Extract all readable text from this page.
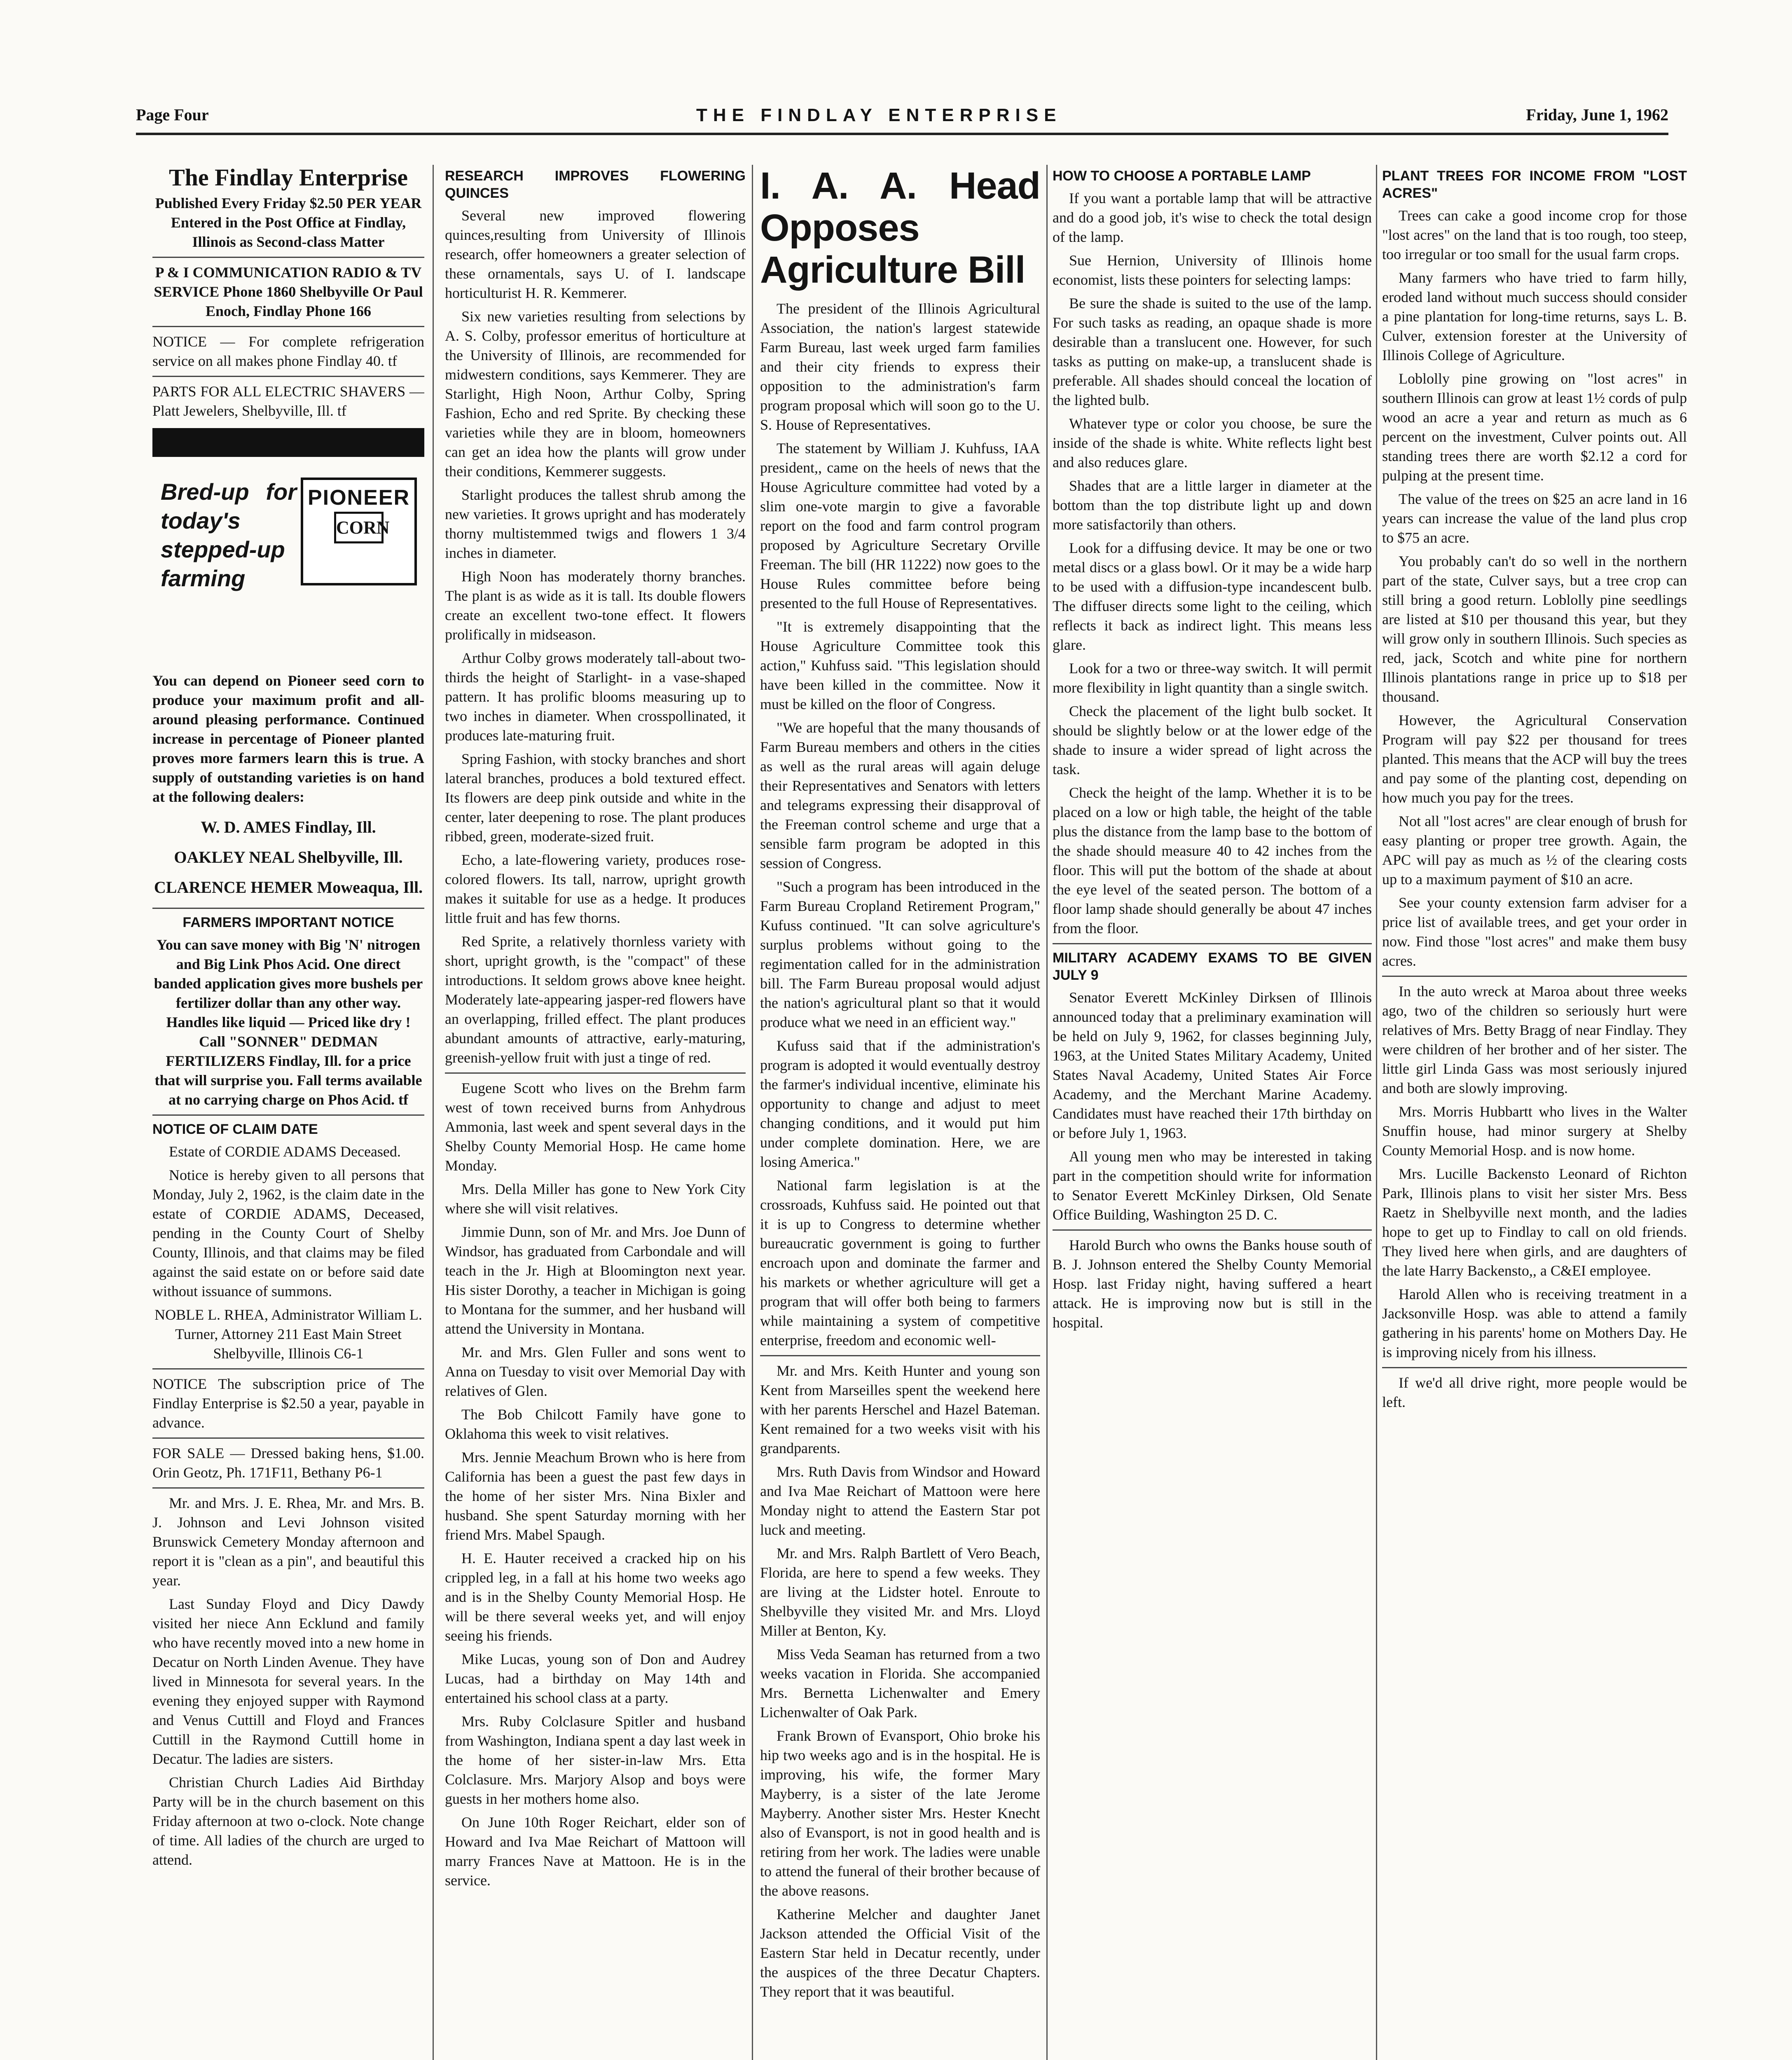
Page Four	THE FINDLAY ENTERPRISE	Friday, June 1, 1962
The Findlay Enterprise

Published Every Friday $2.50 PER YEAR Entered in the Post Office at Findlay, Illinois as Second-class Matter

P & I COMMUNICATION RADIO & TV SERVICE Phone 1860 Shelbyville Or Paul Enoch, Findlay Phone 166

NOTICE — For complete refrigeration service on all makes phone Findlay 40. tf

PARTS FOR ALL ELECTRIC SHAVERS — Platt Jewelers, Shelbyville, Ill. tf

Bred-up for today's stepped-up farming
PIONEER
CORN

You can depend on Pioneer seed corn to produce your maximum profit and all-around pleasing performance. Continued increase in percentage of Pioneer planted proves more farmers learn this is true. A supply of outstanding varieties is on hand at the following dealers:

W. D. AMES Findlay, Ill.
OAKLEY NEAL Shelbyville, Ill.
CLARENCE HEMER Moweaqua, Ill.
FARMERS IMPORTANT NOTICE

You can save money with Big 'N' nitrogen and Big Link Phos Acid. One direct banded application gives more bushels per fertilizer dollar than any other way. Handles like liquid — Priced like dry ! Call "SONNER" DEDMAN FERTILIZERS Findlay, Ill. for a price that will surprise you. Fall terms available at no carrying charge on Phos Acid. tf

NOTICE OF CLAIM DATE

Estate of CORDIE ADAMS Deceased.

Notice is hereby given to all persons that Monday, July 2, 1962, is the claim date in the estate of CORDIE ADAMS, Deceased, pending in the County Court of Shelby County, Illinois, and that claims may be filed against the said estate on or before said date without issuance of summons.

NOBLE L. RHEA, Administrator William L. Turner, Attorney 211 East Main Street Shelbyville, Illinois C6-1

NOTICE The subscription price of The Findlay Enterprise is $2.50 a year, payable in advance.

FOR SALE — Dressed baking hens, $1.00. Orin Geotz, Ph. 171F11, Bethany P6-1

Mr. and Mrs. J. E. Rhea, Mr. and Mrs. B. J. Johnson and Levi Johnson visited Brunswick Cemetery Monday afternoon and report it is "clean as a pin", and beautiful this year.

Last Sunday Floyd and Dicy Dawdy visited her niece Ann Ecklund and family who have recently moved into a new home in Decatur on North Linden Avenue. They have lived in Minnesota for several years. In the evening they enjoyed supper with Raymond and Venus Cuttill and Floyd and Frances Cuttill in the Raymond Cuttill home in Decatur. The ladies are sisters.

Christian Church Ladies Aid Birthday Party will be in the church basement on this Friday afternoon at two o-clock. Note change of time. All ladies of the church are urged to attend.

RESEARCH IMPROVES FLOWERING QUINCES

Several new improved flowering quinces,resulting from University of Illinois research, offer homeowners a greater selection of these ornamentals, says U. of I. landscape horticulturist H. R. Kemmerer.

Six new varieties resulting from selections by A. S. Colby, professor emeritus of horticulture at the University of Illinois, are recommended for midwestern conditions, says Kemmerer. They are Starlight, High Noon, Arthur Colby, Spring Fashion, Echo and red Sprite. By checking these varieties while they are in bloom, homeowners can get an idea how the plants will grow under their conditions, Kemmerer suggests.

Starlight produces the tallest shrub among the new varieties. It grows upright and has moderately thorny multistemmed twigs and flowers 1 3/4 inches in diameter.

High Noon has moderately thorny branches. The plant is as wide as it is tall. Its double flowers create an excellent two-tone effect. It flowers prolifically in midseason.

Arthur Colby grows moderately tall-about two-thirds the height of Starlight- in a vase-shaped pattern. It has prolific blooms measuring up to two inches in diameter. When crosspollinated, it produces late-maturing fruit.

Spring Fashion, with stocky branches and short lateral branches, produces a bold textured effect. Its flowers are deep pink outside and white in the center, later deepening to rose. The plant produces ribbed, green, moderate-sized fruit.

Echo, a late-flowering variety, produces rose-colored flowers. Its tall, narrow, upright growth makes it suitable for use as a hedge. It produces little fruit and has few thorns.

Red Sprite, a relatively thornless variety with short, upright growth, is the "compact" of these introductions. It seldom grows above knee height. Moderately late-appearing jasper-red flowers have an overlapping, frilled effect. The plant produces abundant amounts of attractive, early-maturing, greenish-yellow fruit with just a tinge of red.

Eugene Scott who lives on the Brehm farm west of town received burns from Anhydrous Ammonia, last week and spent several days in the Shelby County Memorial Hosp. He came home Monday.

Mrs. Della Miller has gone to New York City where she will visit relatives.

Jimmie Dunn, son of Mr. and Mrs. Joe Dunn of Windsor, has graduated from Carbondale and will teach in the Jr. High at Bloomington next year. His sister Dorothy, a teacher in Michigan is going to Montana for the summer, and her husband will attend the University in Montana.

Mr. and Mrs. Glen Fuller and sons went to Anna on Tuesday to visit over Memorial Day with relatives of Glen.

The Bob Chilcott Family have gone to Oklahoma this week to visit relatives.

Mrs. Jennie Meachum Brown who is here from California has been a guest the past few days in the home of her sister Mrs. Nina Bixler and husband. She spent Saturday morning with her friend Mrs. Mabel Spaugh.

H. E. Hauter received a cracked hip on his crippled leg, in a fall at his home two weeks ago and is in the Shelby County Memorial Hosp. He will be there several weeks yet, and will enjoy seeing his friends.

Mike Lucas, young son of Don and Audrey Lucas, had a birthday on May 14th and entertained his school class at a party.

Mrs. Ruby Colclasure Spitler and husband from Washington, Indiana spent a day last week in the home of her sister-in-law Mrs. Etta Colclasure. Mrs. Marjory Alsop and boys were guests in her mothers home also.

On June 10th Roger Reichart, elder son of Howard and Iva Mae Reichart of Mattoon will marry Frances Nave at Mattoon. He is in the service.

I. A. A. Head Opposes Agriculture Bill

The president of the Illinois Agricultural Association, the nation's largest statewide Farm Bureau, last week urged farm families and their city friends to express their opposition to the administration's farm program proposal which will soon go to the U. S. House of Representatives.

The statement by William J. Kuhfuss, IAA president,, came on the heels of news that the House Agriculture committee had voted by a slim one-vote margin to give a favorable report on the food and farm control program proposed by Agriculture Secretary Orville Freeman. The bill (HR 11222) now goes to the House Rules committee before being presented to the full House of Representatives.

"It is extremely disappointing that the House Agriculture Committee took this action," Kuhfuss said. "This legislation should have been killed in the committee. Now it must be killed on the floor of Congress.

"We are hopeful that the many thousands of Farm Bureau members and others in the cities as well as the rural areas will again deluge their Representatives and Senators with letters and telegrams expressing their disapproval of the Freeman control scheme and urge that a sensible farm program be adopted in this session of Congress.

"Such a program has been introduced in the Farm Bureau Cropland Retirement Program," Kufuss continued. "It can solve agriculture's surplus problems without going to the regimentation called for in the administration bill. The Farm Bureau proposal would adjust the nation's agricultural plant so that it would produce what we need in an efficient way."

Kufuss said that if the administration's program is adopted it would eventually destroy the farmer's individual incentive, eliminate his opportunity to change and adjust to meet changing conditions, and it would put him under complete domination. Here, we are losing America."

National farm legislation is at the crossroads, Kuhfuss said. He pointed out that it is up to Congress to determine whether bureaucratic government is going to further encroach upon and dominate the farmer and his markets or whether agriculture will get a program that will offer both being to farmers while maintaining a system of competitive enterprise, freedom and economic well-

Mr. and Mrs. Keith Hunter and young son Kent from Marseilles spent the weekend here with her parents Herschel and Hazel Bateman. Kent remained for a two weeks visit with his grandparents.

Mrs. Ruth Davis from Windsor and Howard and Iva Mae Reichart of Mattoon were here Monday night to attend the Eastern Star pot luck and meeting.

Mr. and Mrs. Ralph Bartlett of Vero Beach, Florida, are here to spend a few weeks. They are living at the Lidster hotel. Enroute to Shelbyville they visited Mr. and Mrs. Lloyd Miller at Benton, Ky.

Miss Veda Seaman has returned from a two weeks vacation in Florida. She accompanied Mrs. Bernetta Lichenwalter and Emery Lichenwalter of Oak Park.

Frank Brown of Evansport, Ohio broke his hip two weeks ago and is in the hospital. He is improving, his wife, the former Mary Mayberry, is a sister of the late Jerome Mayberry. Another sister Mrs. Hester Knecht also of Evansport, is not in good health and is retiring from her work. The ladies were unable to attend the funeral of their brother because of the above reasons.

Katherine Melcher and daughter Janet Jackson attended the Official Visit of the Eastern Star held in Decatur recently, under the auspices of the three Decatur Chapters. They report that it was beautiful.

HOW TO CHOOSE A PORTABLE LAMP

If you want a portable lamp that will be attractive and do a good job, it's wise to check the total design of the lamp.

Sue Hernion, University of Illinois home economist, lists these pointers for selecting lamps:

Be sure the shade is suited to the use of the lamp. For such tasks as reading, an opaque shade is more desirable than a translucent one. However, for such tasks as putting on make-up, a translucent shade is preferable. All shades should conceal the location of the lighted bulb.

Whatever type or color you choose, be sure the inside of the shade is white. White reflects light best and also reduces glare.

Shades that are a little larger in diameter at the bottom than the top distribute light up and down more satisfactorily than others.

Look for a diffusing device. It may be one or two metal discs or a glass bowl. Or it may be a wide harp to be used with a diffusion-type incandescent bulb. The diffuser directs some light to the ceiling, which reflects it back as indirect light. This means less glare.

Look for a two or three-way switch. It will permit more flexibility in light quantity than a single switch.

Check the placement of the light bulb socket. It should be slightly below or at the lower edge of the shade to insure a wider spread of light across the task.

Check the height of the lamp. Whether it is to be placed on a low or high table, the height of the table plus the distance from the lamp base to the bottom of the shade should measure 40 to 42 inches from the floor. This will put the bottom of the shade at about the eye level of the seated person. The bottom of a floor lamp shade should generally be about 47 inches from the floor.

MILITARY ACADEMY EXAMS TO BE GIVEN JULY 9

Senator Everett McKinley Dirksen of Illinois announced today that a preliminary examination will be held on July 9, 1962, for classes beginning July, 1963, at the United States Military Academy, United States Naval Academy, United States Air Force Academy, and the Merchant Marine Academy. Candidates must have reached their 17th birthday on or before July 1, 1963.

All young men who may be interested in taking part in the competition should write for information to Senator Everett McKinley Dirksen, Old Senate Office Building, Washington 25 D. C.

Harold Burch who owns the Banks house south of B. J. Johnson entered the Shelby County Memorial Hosp. last Friday night, having suffered a heart attack. He is improving now but is still in the hospital.

PLANT TREES FOR INCOME FROM "LOST ACRES"

Trees can cake a good income crop for those "lost acres" on the land that is too rough, too steep, too irregular or too small for the usual farm crops.

Many farmers who have tried to farm hilly, eroded land without much success should consider a pine plantation for long-time returns, says L. B. Culver, extension forester at the University of Illinois College of Agriculture.

Loblolly pine growing on "lost acres" in southern Illinois can grow at least 1½ cords of pulp wood an acre a year and return as much as 6 percent on the investment, Culver points out. All standing trees there are worth $2.12 a cord for pulping at the present time.

The value of the trees on $25 an acre land in 16 years can increase the value of the land plus crop to $75 an acre.

You probably can't do so well in the northern part of the state, Culver says, but a tree crop can still bring a good return. Loblolly pine seedlings are listed at $10 per thousand this year, but they will grow only in southern Illinois. Such species as red, jack, Scotch and white pine for northern Illinois plantations range in price up to $18 per thousand.

However, the Agricultural Conservation Program will pay $22 per thousand for trees planted. This means that the ACP will buy the trees and pay some of the planting cost, depending on how much you pay for the trees.

Not all "lost acres" are clear enough of brush for easy planting or proper tree growth. Again, the APC will pay as much as ½ of the clearing costs up to a maximum payment of $10 an acre.

See your county extension farm adviser for a price list of available trees, and get your order in now. Find those "lost acres" and make them busy acres.

In the auto wreck at Maroa about three weeks ago, two of the children so seriously hurt were relatives of Mrs. Betty Bragg of near Findlay. They were children of her brother and of her sister. The little girl Linda Gass was most seriously injured and both are slowly improving.

Mrs. Morris Hubbartt who lives in the Walter Snuffin house, had minor surgery at Shelby County Memorial Hosp. and is now home.

Mrs. Lucille Backensto Leonard of Richton Park, Illinois plans to visit her sister Mrs. Bess Raetz in Shelbyville next month, and the ladies hope to get up to Findlay to call on old friends. They lived here when girls, and are daughters of the late Harry Backensto,, a C&EI employee.

Harold Allen who is receiving treatment in a Jacksonville Hosp. was able to attend a family gathering in his parents' home on Mothers Day. He is improving nicely from his illness.

If we'd all drive right, more people would be left.
